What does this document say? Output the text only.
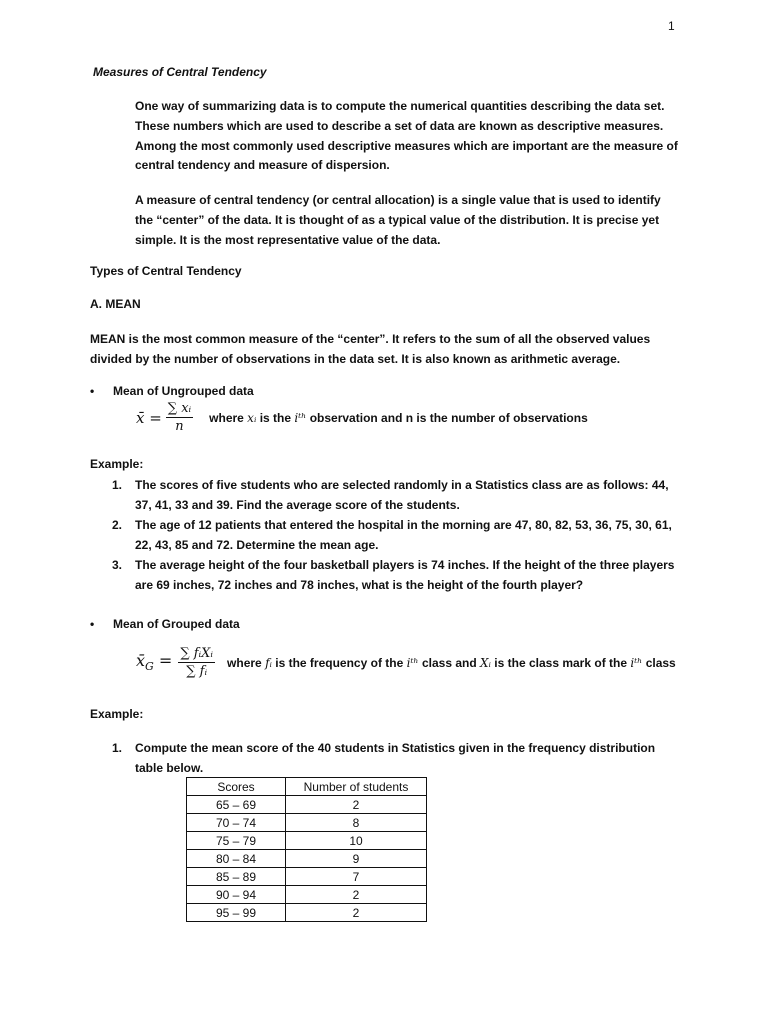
1
Measures of Central Tendency
One way of summarizing data is to compute the numerical quantities describing the data set. These numbers which are used to describe a set of data are known as descriptive measures. Among the most commonly used descriptive measures which are important are the measure of central tendency and measure of dispersion.
A measure of central tendency (or central allocation) is a single value that is used to identify the “center” of the data. It is thought of as a typical value of the distribution. It is precise yet simple. It is the most representative value of the data.
Types of Central Tendency
A. MEAN
MEAN is the most common measure of the “center”. It refers to the sum of all the observed values divided by the number of observations in the data set. It is also known as arithmetic average.
• Mean of Ungrouped data
x̄ = $\frac{\text{∑ xᵢ}}{n}$ where xᵢ is the iᵗʰ observation and n is the number of observations
Example:
1. The scores of five students who are selected randomly in a Statistics class are as follows: 44, 37, 41, 33 and 39. Find the average score of the students.
2. The age of 12 patients that entered the hospital in the morning are 47, 80, 82, 53, 36, 75, 30, 61, 22, 43, 85 and 72. Determine the mean age.
3. The average height of the four basketball players is 74 inches. If the height of the three players are 69 inches, 72 inches and 78 inches, what is the height of the fourth player?
• Mean of Grouped data
$x̄_G = \frac{\text{∑ fᵢXᵢ}}{\text{∑ fᵢ}}$ where fᵢ is the frequency of the iᵗʰ class and Xᵢ is the class mark of the iᵗʰ class
Example:
1. Compute the mean score of the 40 students in Statistics given in the frequency distribution table below.
Scores	Number of students
65 – 69	2
70 – 74	8
75 – 79	10
80 – 84	9
85 – 89	7
90 – 94	2
95 – 99	2
